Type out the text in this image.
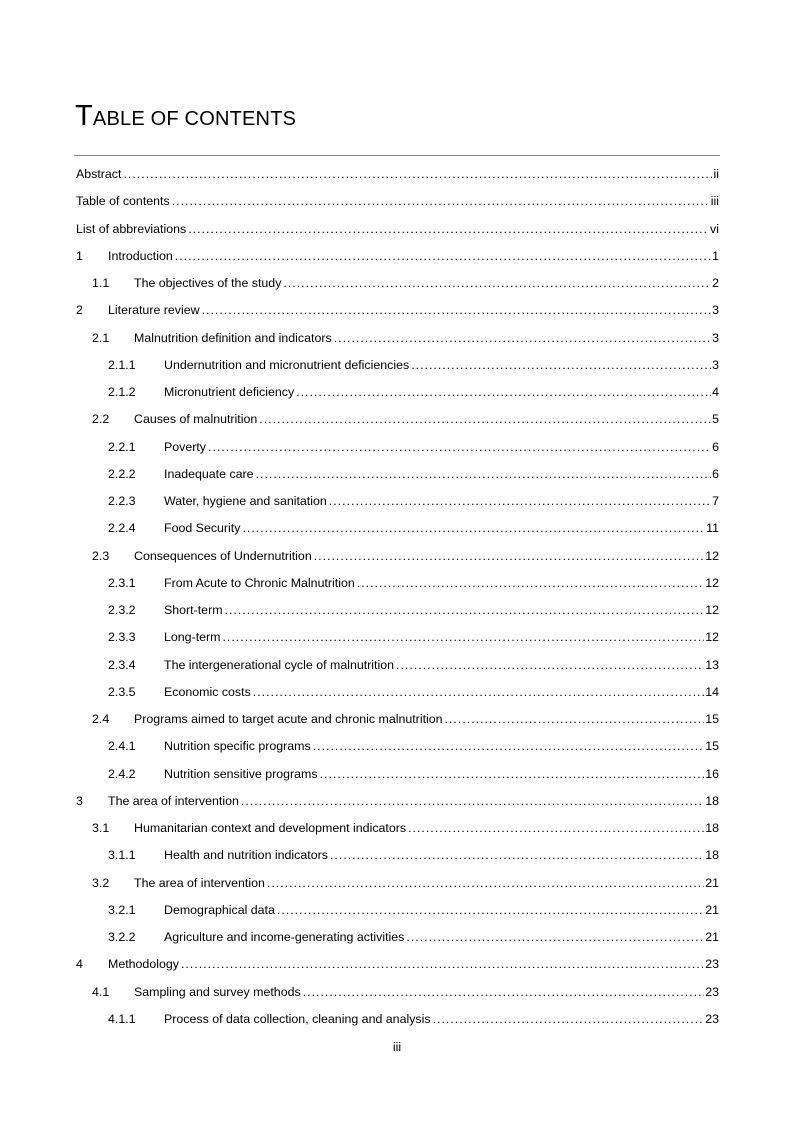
TABLE OF CONTENTS
Abstract .....	ii
Table of contents .....	iii
List of abbreviations .....	vi
1	Introduction .....	1
1.1	The objectives of the study .....	2
2	Literature review .....	3
2.1	Malnutrition definition and indicators .....	3
2.1.1	Undernutrition and micronutrient deficiencies .....	3
2.1.2	Micronutrient deficiency .....	4
2.2	Causes of malnutrition .....	5
2.2.1	Poverty .....	6
2.2.2	Inadequate care .....	6
2.2.3	Water, hygiene and sanitation .....	7
2.2.4	Food Security .....	11
2.3	Consequences of Undernutrition .....	12
2.3.1	From Acute to Chronic Malnutrition .....	12
2.3.2	Short-term .....	12
2.3.3	Long-term .....	12
2.3.4	The intergenerational cycle of malnutrition .....	13
2.3.5	Economic costs .....	14
2.4	Programs aimed to target acute and chronic malnutrition .....	15
2.4.1	Nutrition specific programs .....	15
2.4.2	Nutrition sensitive programs .....	16
3	The area of intervention .....	18
3.1	Humanitarian context and development indicators .....	18
3.1.1	Health and nutrition indicators .....	18
3.2	The area of intervention .....	21
3.2.1	Demographical data .....	21
3.2.2	Agriculture and income-generating activities .....	21
4	Methodology .....	23
4.1	Sampling and survey methods .....	23
4.1.1	Process of data collection, cleaning and analysis .....	23
iii
